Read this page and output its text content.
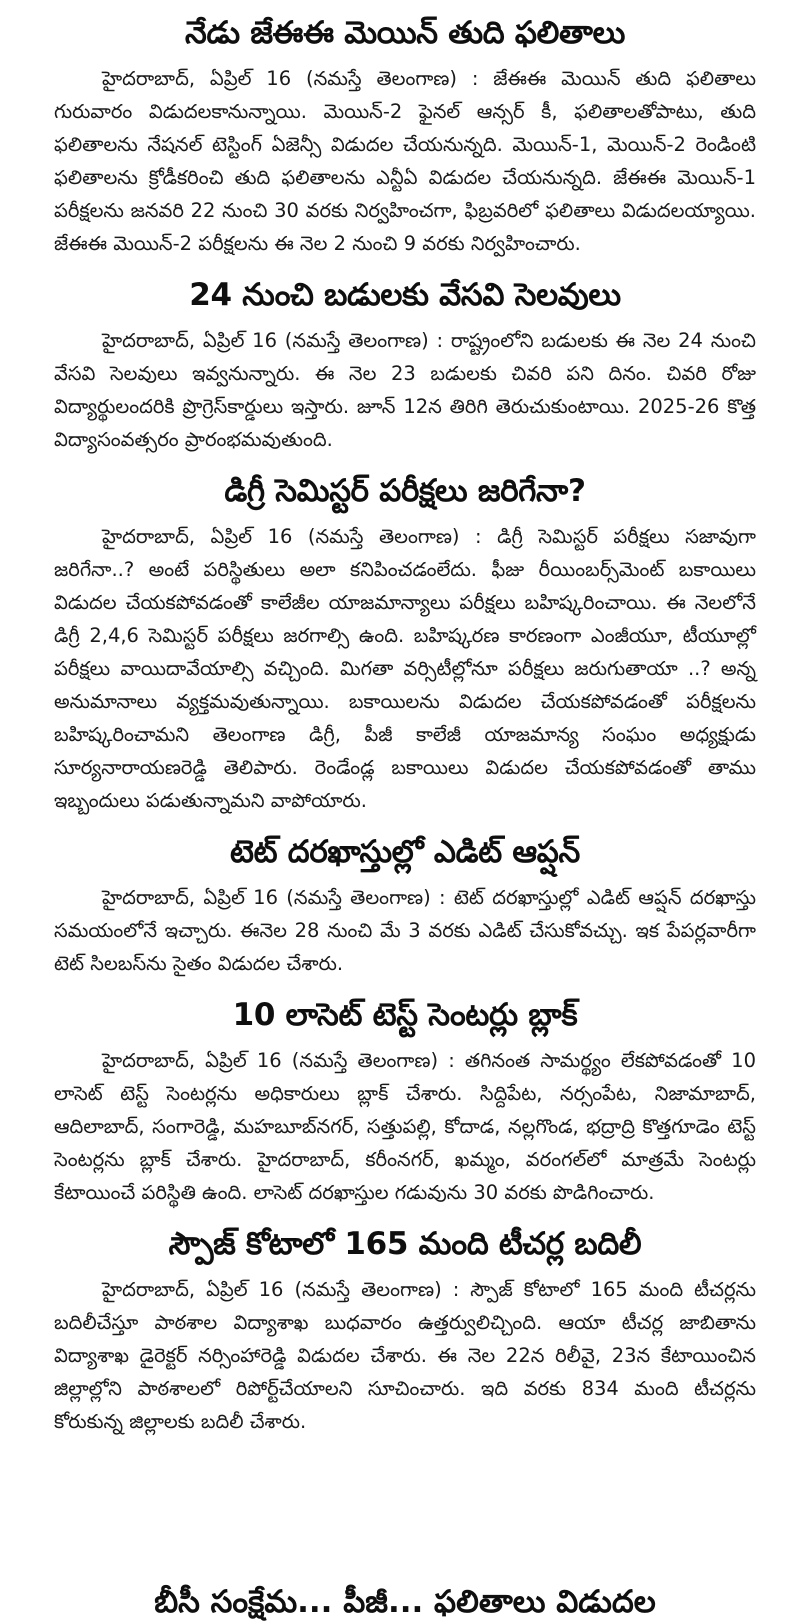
నేడు జేఈఈ మెయిన్‌ తుది ఫలితాలు

హైదరాబాద్‌, ఏప్రిల్‌ 16 (నమస్తే తెలంగాణ) : జేఈఈ మెయిన్‌ తుది ఫలితాలు గురువారం విడుదలకానున్నాయి. మెయిన్‌-2 ఫైనల్‌ ఆన్సర్‌ కీ, ఫలితాలతోపాటు, తుది ఫలితాలను నేషనల్‌ టెస్టింగ్‌ ఏజెన్సీ విడుదల చేయనున్నది. మెయిన్‌-1, మెయిన్‌-2 రెండింటి ఫలితాలను క్రోడీకరించి తుది ఫలితాలను ఎన్టీఏ విడుదల చేయనున్నది. జేఈఈ మెయిన్‌-1 పరీక్షలను జనవరి 22 నుంచి 30 వరకు నిర్వహించగా, ఫిబ్రవరిలో ఫలితాలు విడుదలయ్యాయి. జేఈఈ మెయిన్‌-2 పరీక్షలను ఈ నెల 2 నుంచి 9 వరకు నిర్వహించారు.

24 నుంచి బడులకు వేసవి సెలవులు

హైదరాబాద్‌, ఏప్రిల్‌ 16 (నమస్తే తెలంగాణ) : రాష్ట్రంలోని బడులకు ఈ నెల 24 నుంచి వేసవి సెలవులు ఇవ్వనున్నారు. ఈ నెల 23 బడులకు చివరి పని దినం. చివరి రోజు విద్యార్థులందరికి ప్రొగ్రెస్‌కార్డులు ఇస్తారు. జూన్‌ 12న తిరిగి తెరుచుకుంటాయి. 2025-26 కొత్త విద్యాసంవత్సరం ప్రారంభమవుతుంది.

డిగ్రీ సెమిస్టర్‌ పరీక్షలు జరిగేనా?

హైదరాబాద్‌, ఏప్రిల్‌ 16 (నమస్తే తెలంగాణ) : డిగ్రీ సెమిస్టర్‌ పరీక్షలు సజావుగా జరిగేనా..? అంటే పరిస్థితులు అలా కనిపించడంలేదు. ఫీజు రీయింబర్స్‌మెంట్‌ బకాయిలు విడుదల చేయకపోవడంతో కాలేజీల యాజమాన్యాలు పరీక్షలు బహిష్కరించాయి. ఈ నెలలోనే డిగ్రీ 2,4,6 సెమిస్టర్‌ పరీక్షలు జరగాల్సి ఉంది. బహిష్కరణ కారణంగా ఎంజీయూ, టీయూల్లో పరీక్షలు వాయిదావేయాల్సి వచ్చింది. మిగతా వర్సిటీల్లోనూ పరీక్షలు జరుగుతాయా ..? అన్న అనుమానాలు వ్యక్తమవుతున్నాయి. బకాయిలను విడుదల చేయకపోవడంతో పరీక్షలను బహిష్కరించామని తెలంగాణ డిగ్రీ, పీజీ కాలేజీ యాజమాన్య సంఘం అధ్యక్షుడు సూర్యనారాయణరెడ్డి తెలిపారు. రెండేండ్ల బకాయిలు విడుదల చేయకపోవడంతో తాము ఇబ్బందులు పడుతున్నామని వాపోయారు.

టెట్‌ దరఖాస్తుల్లో ఎడిట్‌ ఆప్షన్‌

హైదరాబాద్‌, ఏప్రిల్‌ 16 (నమస్తే తెలంగాణ) : టెట్‌ దరఖాస్తుల్లో ఎడిట్‌ ఆప్షన్‌ దరఖాస్తు సమయంలోనే ఇచ్చారు. ఈనెల 28 నుంచి మే 3 వరకు ఎడిట్‌ చేసుకోవచ్చు. ఇక పేపర్లవారీగా టెట్‌ సిలబస్‌ను సైతం విడుదల చేశారు.

10 లాసెట్‌ టెస్ట్‌ సెంటర్లు బ్లాక్‌

హైదరాబాద్‌, ఏప్రిల్‌ 16 (నమస్తే తెలంగాణ) : తగినంత సామర్థ్యం లేకపోవడంతో 10 లాసెట్‌ టెస్ట్‌ సెంటర్లను అధికారులు బ్లాక్‌ చేశారు. సిద్దిపేట, నర్సంపేట, నిజామాబాద్‌, ఆదిలాబాద్‌, సంగారెడ్డి, మహబూబ్‌నగర్‌, సత్తుపల్లి, కోదాడ, నల్లగొండ, భద్రాద్రి కొత్తగూడెం టెస్ట్‌ సెంటర్లను బ్లాక్‌ చేశారు. హైదరాబాద్‌, కరీంనగర్‌, ఖమ్మం, వరంగల్‌లో మాత్రమే సెంటర్లు కేటాయించే పరిస్థితి ఉంది. లాసెట్‌ దరఖాస్తుల గడువును 30 వరకు పొడిగించారు.

స్పౌజ్‌ కోటాలో 165 మంది టీచర్ల బదిలీ

హైదరాబాద్‌, ఏప్రిల్‌ 16 (నమస్తే తెలంగాణ) : స్పౌజ్‌ కోటాలో 165 మంది టీచర్లను బదిలీచేస్తూ పాఠశాల విద్యాశాఖ బుధవారం ఉత్తర్వులిచ్చింది. ఆయా టీచర్ల జాబితాను విద్యాశాఖ డైరెక్టర్‌ నర్సింహారెడ్డి విడుదల చేశారు. ఈ నెల 22న రిలీవై, 23న కేటాయించిన జిల్లాల్లోని పాఠశాలలో రిపోర్ట్‌చేయాలని సూచించారు. ఇది వరకు 834 మంది టీచర్లను కోరుకున్న జిల్లాలకు బదిలీ చేశారు.

బీసీ సంక్షేమ... పీజీ... ఫలితాలు విడుదల
